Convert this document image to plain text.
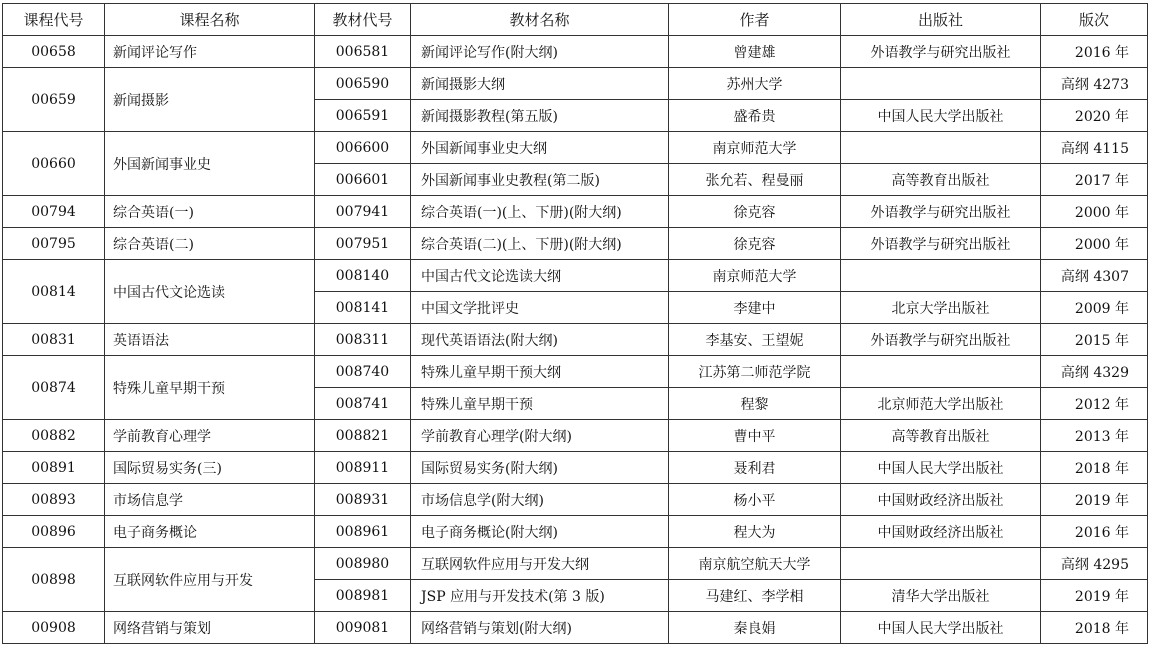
课程代号	课程名称	教材代号	教材名称	作者	出版社	版次
00658	新闻评论写作	006581	新闻评论写作(附大纲)	曾建雄	外语教学与研究出版社	2016 年
00659	新闻摄影	006590	新闻摄影大纲	苏州大学		高纲 4273
		006591	新闻摄影教程(第五版)	盛希贵	中国人民大学出版社	2020 年
00660	外国新闻事业史	006600	外国新闻事业史大纲	南京师范大学		高纲 4115
		006601	外国新闻事业史教程(第二版)	张允若、程曼丽	高等教育出版社	2017 年
00794	综合英语(一)	007941	综合英语(一)(上、下册)(附大纲)	徐克容	外语教学与研究出版社	2000 年
00795	综合英语(二)	007951	综合英语(二)(上、下册)(附大纲)	徐克容	外语教学与研究出版社	2000 年
00814	中国古代文论选读	008140	中国古代文论选读大纲	南京师范大学		高纲 4307
		008141	中国文学批评史	李建中	北京大学出版社	2009 年
00831	英语语法	008311	现代英语语法(附大纲)	李基安、王望妮	外语教学与研究出版社	2015 年
00874	特殊儿童早期干预	008740	特殊儿童早期干预大纲	江苏第二师范学院		高纲 4329
		008741	特殊儿童早期干预	程黎	北京师范大学出版社	2012 年
00882	学前教育心理学	008821	学前教育心理学(附大纲)	曹中平	高等教育出版社	2013 年
00891	国际贸易实务(三)	008911	国际贸易实务(附大纲)	聂利君	中国人民大学出版社	2018 年
00893	市场信息学	008931	市场信息学(附大纲)	杨小平	中国财政经济出版社	2019 年
00896	电子商务概论	008961	电子商务概论(附大纲)	程大为	中国财政经济出版社	2016 年
00898	互联网软件应用与开发	008980	互联网软件应用与开发大纲	南京航空航天大学		高纲 4295
		008981	JSP 应用与开发技术(第 3 版)	马建红、李学相	清华大学出版社	2019 年
00908	网络营销与策划	009081	网络营销与策划(附大纲)	秦良娟	中国人民大学出版社	2018 年
